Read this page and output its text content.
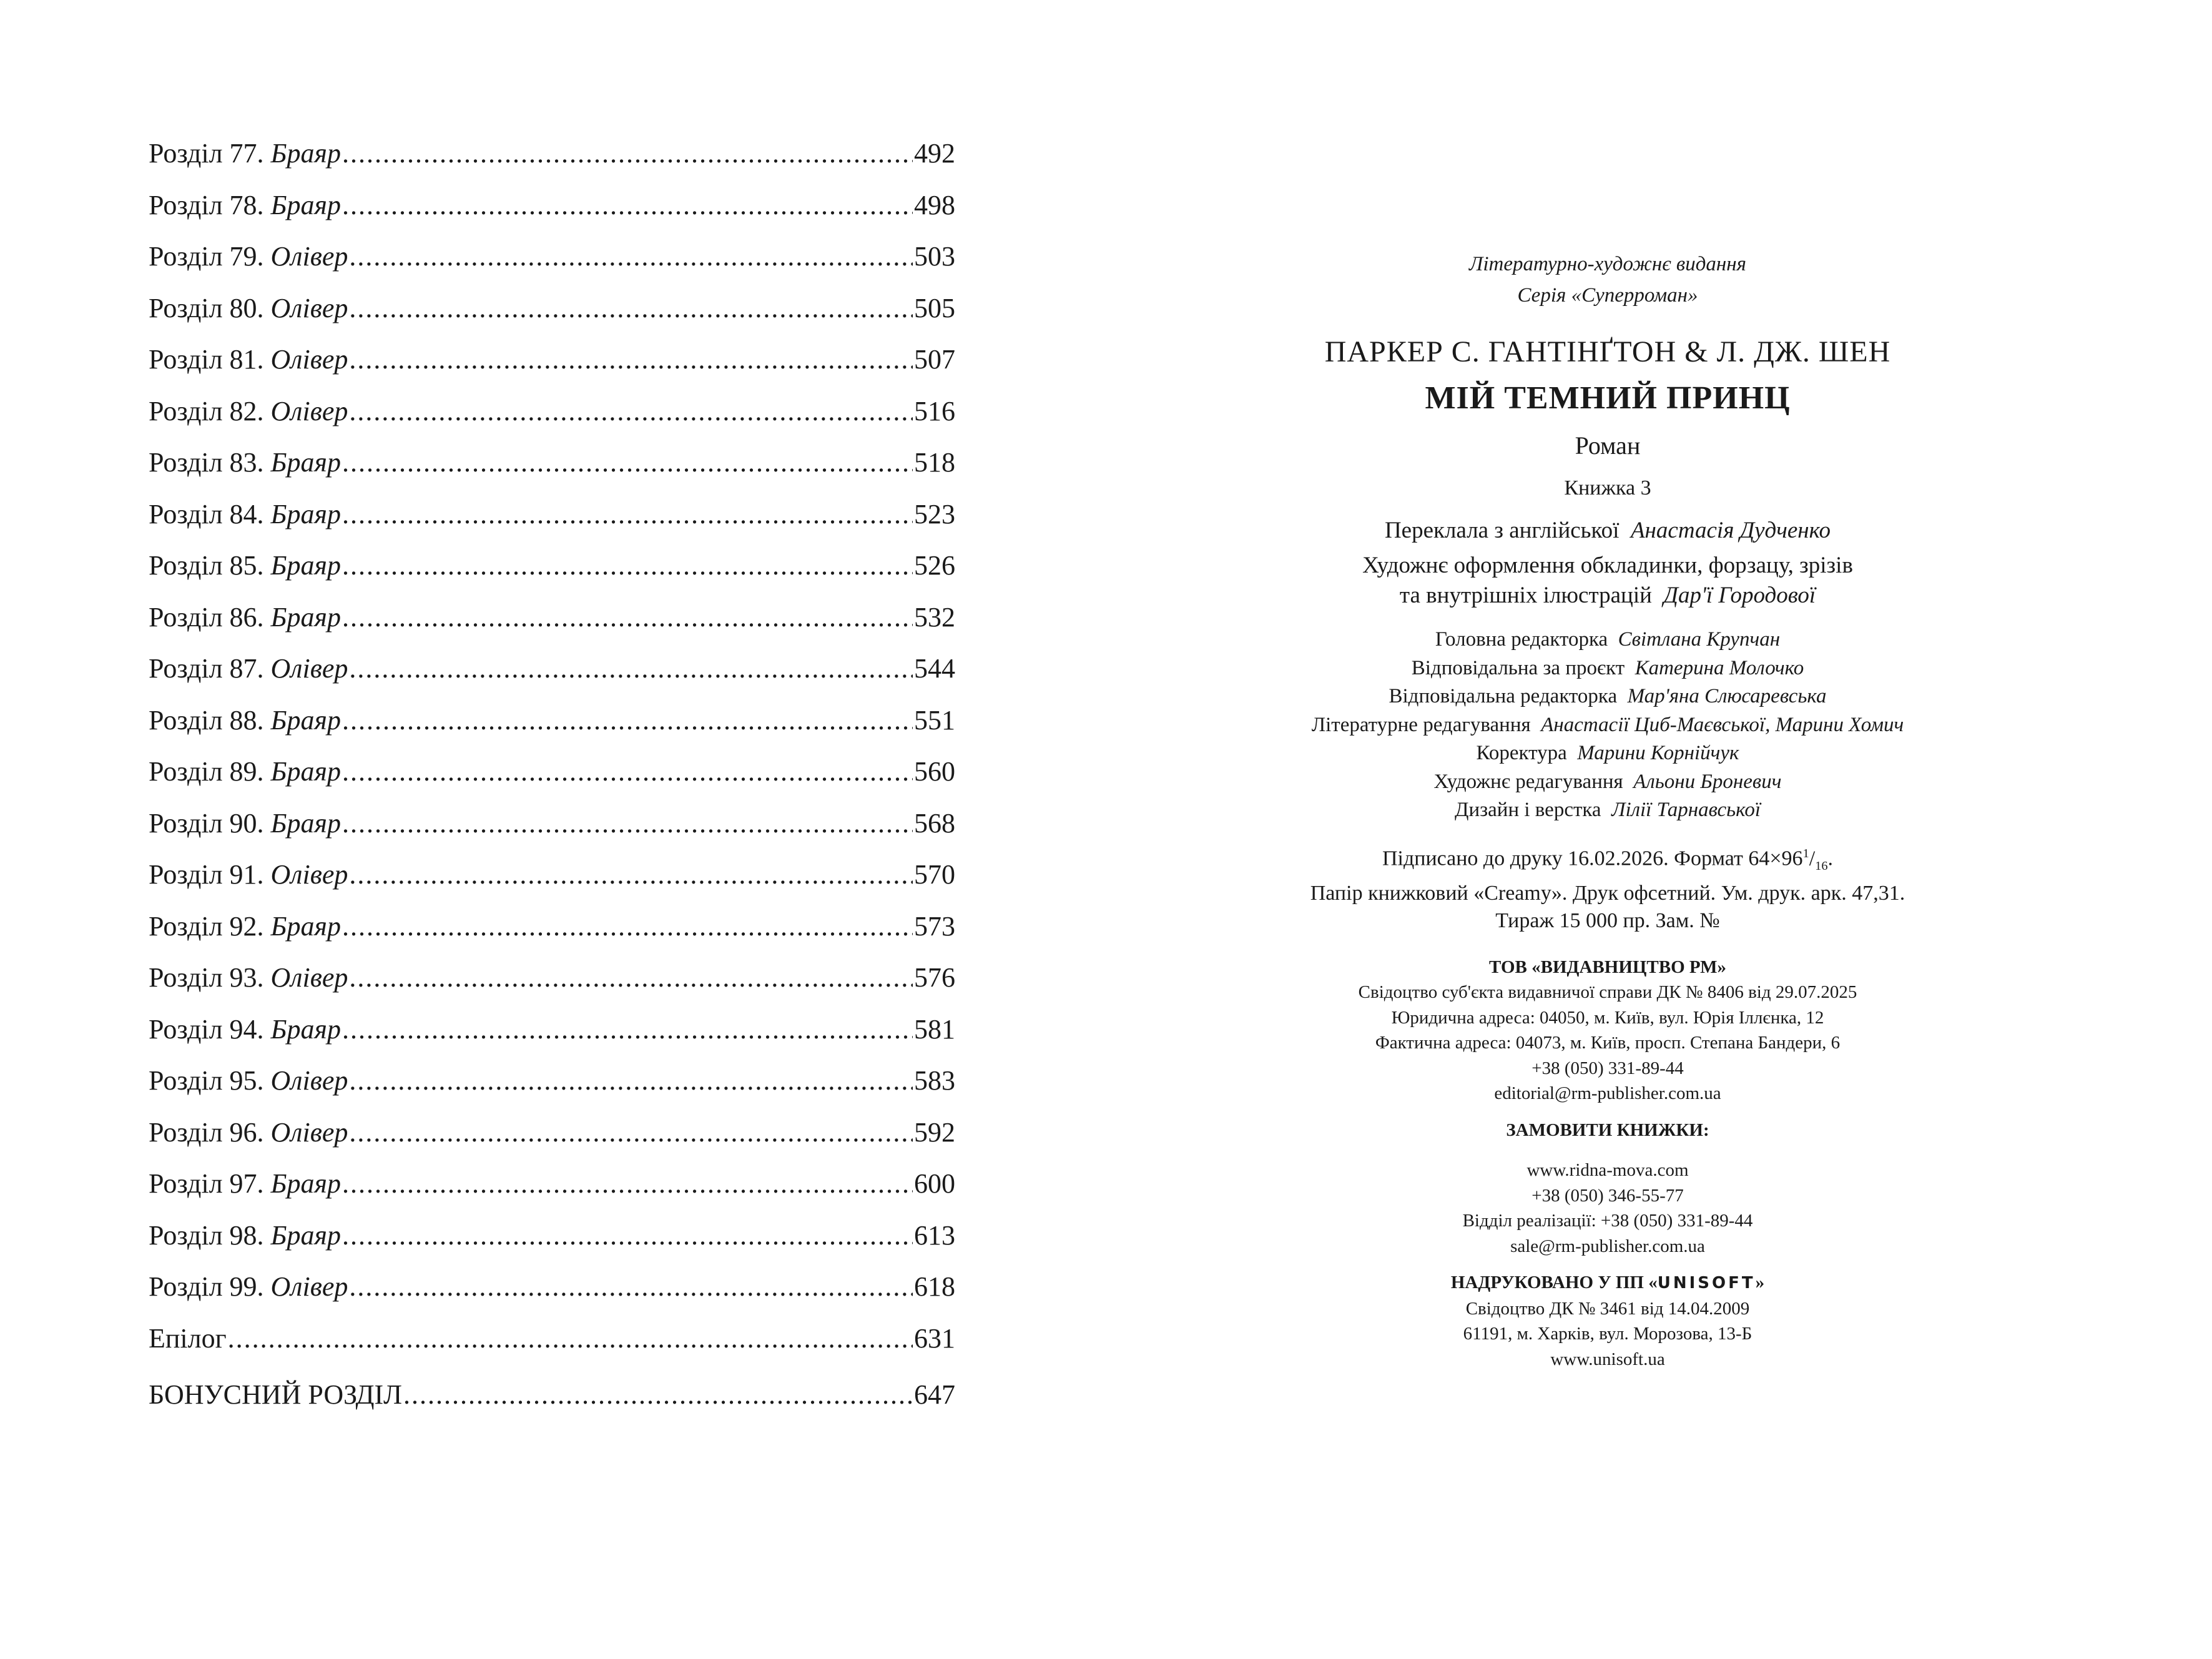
Розділ 77. Браяр .....	492
Розділ 78. Браяр .....	498
Розділ 79. Олівер .....	503
Розділ 80. Олівер .....	505
Розділ 81. Олівер .....	507
Розділ 82. Олівер .....	516
Розділ 83. Браяр .....	518
Розділ 84. Браяр .....	523
Розділ 85. Браяр .....	526
Розділ 86. Браяр .....	532
Розділ 87. Олівер .....	544
Розділ 88. Браяр .....	551
Розділ 89. Браяр .....	560
Розділ 90. Браяр .....	568
Розділ 91. Олівер .....	570
Розділ 92. Браяр .....	573
Розділ 93. Олівер .....	576
Розділ 94. Браяр .....	581
Розділ 95. Олівер .....	583
Розділ 96. Олівер .....	592
Розділ 97. Браяр .....	600
Розділ 98. Браяр .....	613
Розділ 99. Олівер .....	618
Епілог .....	631
БОНУСНИЙ РОЗДІЛ .....	647
Літературно-художнє видання
Серія «Суперроман»
ПАРКЕР С. ГАНТІНҐТОН & Л. ДЖ. ШЕН
МІЙ ТЕМНИЙ ПРИНЦ
Роман
Книжка 3
Переклала з англійської Анастасія Дудченко
Художнє оформлення обкладинки, форзацу, зрізів
та внутрішніх ілюстрацій Дар'ї Городової
Головна редакторка Світлана Крупчан
Відповідальна за проєкт Катерина Молочко
Відповідальна редакторка Мар'яна Слюсаревська
Літературне редагування Анастасії Циб-Маєвської, Марини Хомич
Коректура Марини Корнійчук
Художнє редагування Альони Броневич
Дизайн і верстка Лілії Тарнавської
Підписано до друку 16.02.2026. Формат $64\times 96^1/_{16}$.
Папір книжковий «Creamy». Друк офсетний. Ум. друк. арк. 47,31.
Тираж 15 000 пр. Зам. №
ТОВ «ВИДАВНИЦТВО РМ»
Свідоцтво суб'єкта видавничої справи ДК № 8406 від 29.07.2025
Юридична адреса: 04050, м. Київ, вул. Юрія Іллєнка, 12
Фактична адреса: 04073, м. Київ, просп. Степана Бандери, 6
+38 (050) 331-89-44
editorial@rm-publisher.com.ua
ЗАМОВИТИ КНИЖКИ:
www.ridna-mova.com
+38 (050) 346-55-77
Відділ реалізації: +38 (050) 331-89-44
sale@rm-publisher.com.ua
НАДРУКОВАНО У ПП «UNISOFT»
Свідоцтво ДК № 3461 від 14.04.2009
61191, м. Харків, вул. Морозова, 13-Б
www.unisoft.ua
